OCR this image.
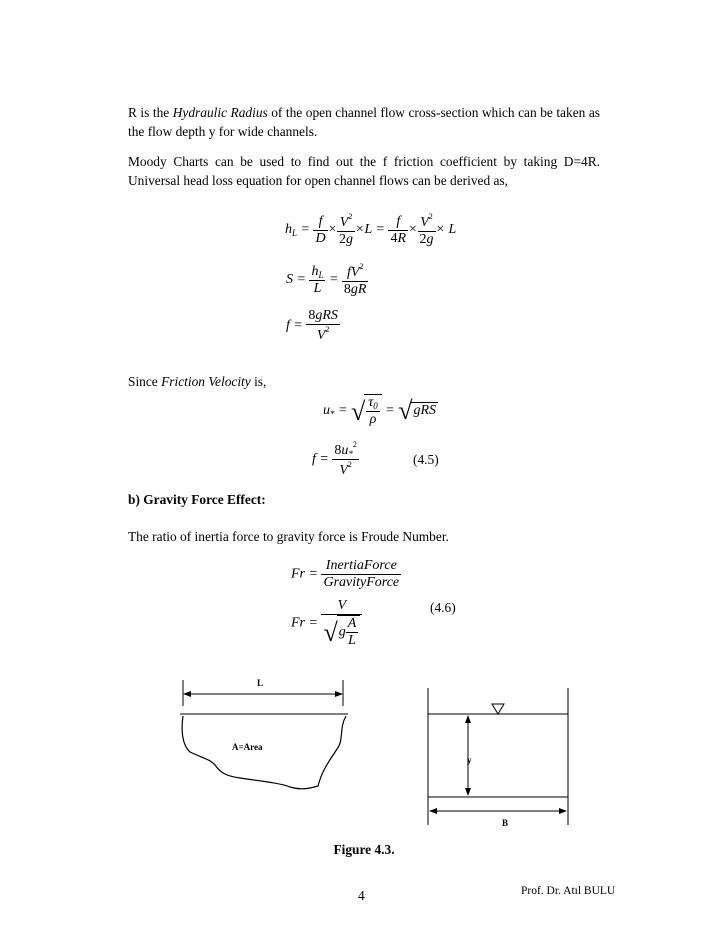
R is the Hydraulic Radius of the open channel flow cross-section which can be taken as the flow depth y for wide channels.
Moody Charts can be used to find out the f friction coefficient by taking D=4R. Universal head loss equation for open channel flows can be derived as,
$h_L = \frac{f}{D} \times \frac{V^2}{2g} \times L = \frac{f}{4R} \times \frac{V^2}{2g} \times L$
$S = \frac{h_L}{L} = \frac{fV^2}{8gR}$
$f = \frac{\text{8gRS}}{V^2}$
Since Friction Velocity is,
$u_*$ = √ $\frac{\tau_0}{\rho} = √gRS$
$f = \frac{8u_*^2}{V^2}$	(4.5)
b) Gravity Force Effect:
The ratio of inertia force to gravity force is Froude Number.
$Fr = \frac{\text{InertiaForce}}{\text{GravityForce}}$
$Fr = \frac{V}{√g \frac{A}{L}}$	(4.6)
L
A=Area
y
B
Figure 4.3.
4	Prof. Dr. Atıl BULU
